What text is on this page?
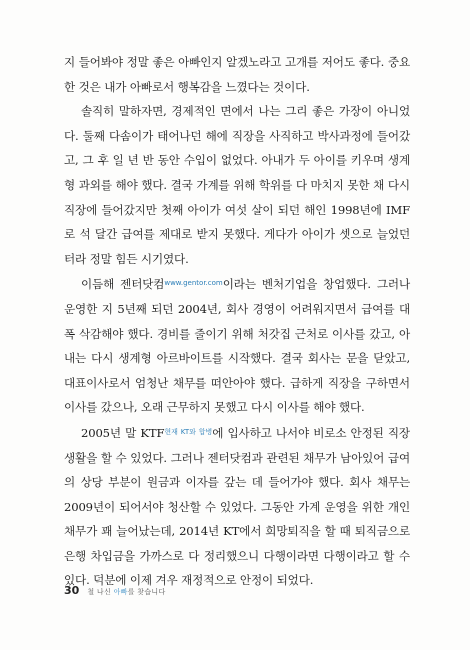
지 들어봐야 정말 좋은 아빠인지 알겠노라고 고개를 저어도 좋다. 중요한 것은 내가 아빠로서 행복감을 느꼈다는 것이다.

솔직히 말하자면, 경제적인 면에서 나는 그리 좋은 가장이 아니었다. 둘째 다솜이가 태어나던 해에 직장을 사직하고 박사과정에 들어갔고, 그 후 일 년 반 동안 수입이 없었다. 아내가 두 아이를 키우며 생계형 과외를 해야 했다. 결국 가계를 위해 학위를 다 마치지 못한 채 다시 직장에 들어갔지만 첫째 아이가 여섯 살이 되던 해인 1998년에 IMF로 석 달간 급여를 제대로 받지 못했다. 게다가 아이가 셋으로 늘었던 터라 정말 힘든 시기였다.

이듬해 젠터닷컴$^{www.gentor.com}$이라는 벤처기업을 창업했다. 그러나 운영한 지 5년째 되던 2004년, 회사 경영이 어려워지면서 급여를 대폭 삭감해야 했다. 경비를 줄이기 위해 처갓집 근처로 이사를 갔고, 아내는 다시 생계형 아르바이트를 시작했다. 결국 회사는 문을 닫았고, 대표이사로서 엄청난 채무를 떠안아야 했다. 급하게 직장을 구하면서 이사를 갔으나, 오래 근무하지 못했고 다시 이사를 해야 했다.

2005년 말 KTF$^{현재 KT와 합병}$에 입사하고 나서야 비로소 안정된 직장생활을 할 수 있었다. 그러나 젠터닷컴과 관련된 채무가 남아있어 급여의 상당 부분이 원금과 이자를 갚는 데 들어가야 했다. 회사 채무는 2009년이 되어서야 청산할 수 있었다. 그동안 가계 운영을 위한 개인 채무가 꽤 늘어났는데, 2014년 KT에서 희망퇴직을 할 때 퇴직금으로 은행 차입금을 가까스로 다 정리했으니 다행이라면 다행이라고 할 수 있다. 덕분에 이제 겨우 재정적으로 안정이 되었다.

30 철 나신 아빠를 찾습니다
